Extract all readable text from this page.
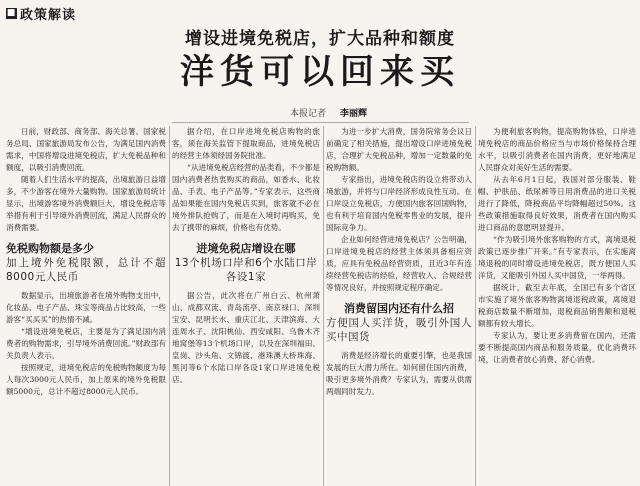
■ 政策解读
增设进境免税店，扩大品种和额度
洋货可以回来买
本报记者 李丽辉

日前，财政部、商务部、海关总署、国家税务总局、国家旅游局发布公告，为满足国内消费需求，中国将增设进境免税店，扩大免税品种和额度，以吸引消费回流。

随着人们生活水平的提高，出境旅游日益增多，不少游客在境外大量购物。国家旅游局统计显示，出境游客境外消费额巨大，增设免税店等举措有利于引导境外消费回流，满足人民群众的消费需要。

免税购物额是多少
加上境外免税限额，总计不超8000元人民币

数据显示，出境旅游者在境外购物支出中，化妆品、电子产品、珠宝等商品占比较高，一些游客“买买买”的热情不减。

“增设进境免税店，主要是为了满足国内消费者的购物需求，引导境外消费回流。”财政部有关负责人表示。

按照规定，进境免税店的免税购物额度为每人每次3000元人民币，加上原来的境外免税限额5000元，总计不超过8000元人民币。

据介绍，在口岸进境免税店购物的旅客，须在海关监管下提取商品，进境免税店的经营主体须经国务院批准。

“从进境免税店经营的品类看，不少都是国内消费者热衷购买的商品，如香水、化妆品、手表、电子产品等。”专家表示，这些商品如果能在国内免税店买到，旅客就不必在境外排队抢购了，而是在入境时再购买，免去了携带的麻烦，价格也有优势。

进境免税店增设在哪
13个机场口岸和6个水陆口岸各设1家

据公告，此次将在广州白云、杭州萧山、成都双流、青岛流亭、南京禄口、深圳宝安、昆明长水、重庆江北、天津滨海、大连周水子、沈阳桃仙、西安咸阳、乌鲁木齐地窝堡等13个机场口岸，以及在深圳福田、皇岗、沙头角、文锦渡、港珠澳大桥珠海、黑河等6个水陆口岸各设1家口岸进境免税店。

为进一步扩大消费，国务院常务会议日前确定了相关措施，提出增设口岸进境免税店，合理扩大免税品种，增加一定数量的免税购物额。

专家指出，进境免税店的设立将带动入境旅游，并将与口岸经济形成良性互动。在口岸设立免税店，方便国内旅客回国购物，也有利于培育国内免税零售业的发展，提升国际竞争力。

企业如何经营进境免税店？公告明确，口岸进境免税店的经营主体须具备相应资质，应具有免税品经营资质，且近3年有连续经营免税店的经验，经营收入、合规经营等情况良好，并按照规定程序确定。

消费留国内还有什么招
方便国人买洋货，吸引外国人买中国货

消费是经济增长的重要引擎，也是我国发展的巨大潜力所在。如何留住国内消费，吸引更多境外消费？专家认为，需要从供需两端同时发力。

为便利旅客购物，提高购物体验，口岸进境免税店的商品价格应当与市场价格保持合理水平，以吸引消费者在国内消费，更好地满足人民群众对美好生活的需要。

从去年6月1日起，我国对部分服装、鞋帽、护肤品、纸尿裤等日用消费品的进口关税进行了降低，降税商品平均降幅超过50%。这些政策措施取得良好效果，消费者在国内购买进口商品的意愿明显提升。

“作为吸引境外旅客购物的方式，离境退税政策已逐步推广开来。”有专家表示，在实施离境退税的同时增设进境免税店，既方便国人买洋货，又能吸引外国人买中国货，一举两得。

据统计，截至去年底，全国已有多个省区市实施了境外旅客购物离境退税政策，离境退税商店数量不断增加，退税商品销售额和退税额都有较大增长。

专家认为，要让更多消费留在国内，还需要不断提高国内商品和服务质量，优化消费环境，让消费者放心消费、舒心消费。
